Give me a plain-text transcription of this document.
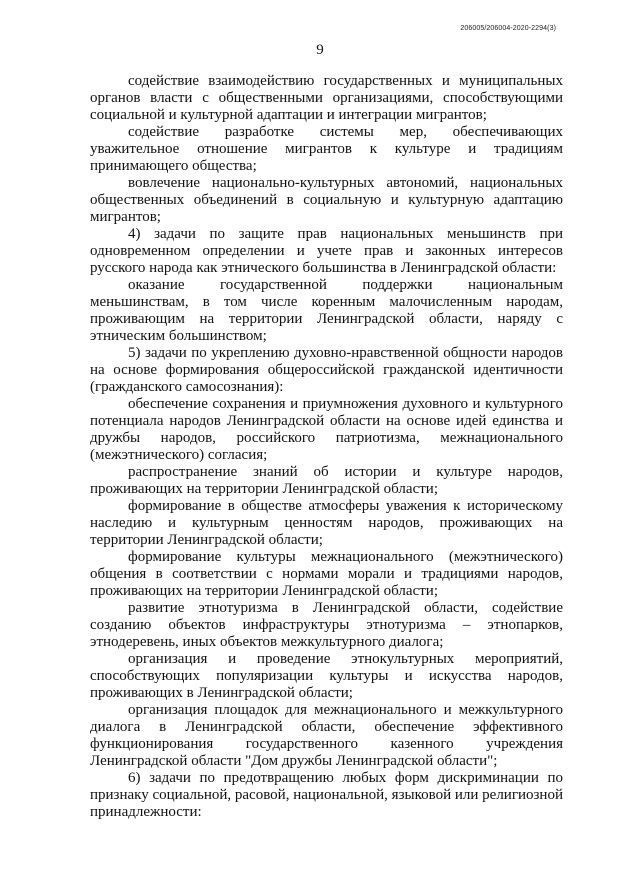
206005/206004-2020-2294(3)
9

содействие взаимодействию государственных и муниципальных органов власти с общественными организациями, способствующими социальной и культурной адаптации и интеграции мигрантов;

содействие разработке системы мер, обеспечивающих уважительное отношение мигрантов к культуре и традициям принимающего общества;

вовлечение национально-культурных автономий, национальных общественных объединений в социальную и культурную адаптацию мигрантов;

4) задачи по защите прав национальных меньшинств при одновременном определении и учете прав и законных интересов русского народа как этнического большинства в Ленинградской области:

оказание государственной поддержки национальным меньшинствам, в том числе коренным малочисленным народам, проживающим на территории Ленинградской области, наряду с этническим большинством;

5) задачи по укреплению духовно-нравственной общности народов на основе формирования общероссийской гражданской идентичности (гражданского самосознания):

обеспечение сохранения и приумножения духовного и культурного потенциала народов Ленинградской области на основе идей единства и дружбы народов, российского патриотизма, межнационального (межэтнического) согласия;

распространение знаний об истории и культуре народов, проживающих на территории Ленинградской области;

формирование в обществе атмосферы уважения к историческому наследию и культурным ценностям народов, проживающих на территории Ленинградской области;

формирование культуры межнационального (межэтнического) общения в соответствии с нормами морали и традициями народов, проживающих на территории Ленинградской области;

развитие этнотуризма в Ленинградской области, содействие созданию объектов инфраструктуры этнотуризма – этнопарков, этнодеревень, иных объектов межкультурного диалога;

организация и проведение этнокультурных мероприятий, способствующих популяризации культуры и искусства народов, проживающих в Ленинградской области;

организация площадок для межнационального и межкультурного диалога в Ленинградской области, обеспечение эффективного функционирования государственного казенного учреждения Ленинградской области "Дом дружбы Ленинградской области";

6) задачи по предотвращению любых форм дискриминации по признаку социальной, расовой, национальной, языковой или религиозной принадлежности:
